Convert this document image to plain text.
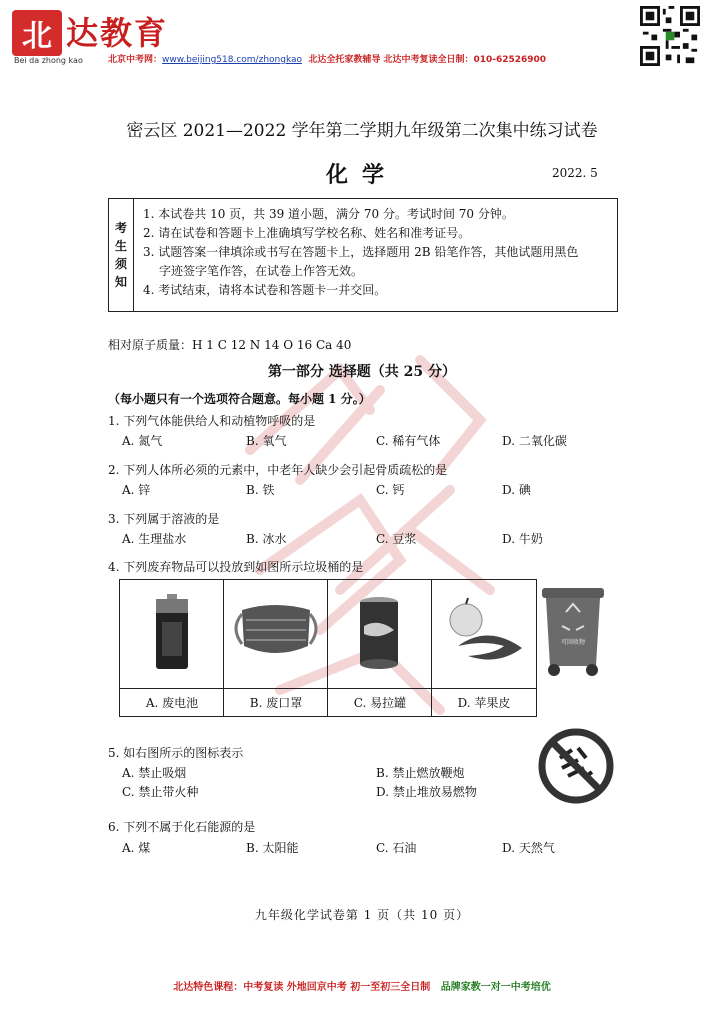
北 达教育
Bei da zhong kao	北京中考网：www.beijing518.com/zhongkao 北达全托家教辅导 北达中考复读全日制：010-62526900
密云区 2021—2022 学年第二学期九年级第二次集中练习试卷
化学	2022. 5
考
生
须
知
1. 本试卷共 10 页，共 39 道小题，满分 70 分。考试时间 70 分钟。
2. 请在试卷和答题卡上准确填写学校名称、姓名和准考证号。
3. 试题答案一律填涂或书写在答题卡上，选择题用 2B 铅笔作答，其他试题用黑色
字迹签字笔作答，在试卷上作答无效。
4. 考试结束，请将本试卷和答题卡一并交回。
相对原子质量：H 1 C 12 N 14 O 16 Ca 40
第一部分 选择题（共 25 分）
（每小题只有一个选项符合题意。每小题 1 分。）
1. 下列气体能供给人和动植物呼吸的是
A. 氮气	B. 氧气	C. 稀有气体	D. 二氧化碳
2. 下列人体所必须的元素中，中老年人缺少会引起骨质疏松的是
A. 锌	B. 铁	C. 钙	D. 碘
3. 下列属于溶液的是
A. 生理盐水	B. 冰水	C. 豆浆	D. 牛奶
4. 下列废弃物品可以投放到如图所示垃圾桶的是
A. 废电池	B. 废口罩	C. 易拉罐	D. 苹果皮
可回收物
5. 如右图所示的图标表示
A. 禁止吸烟	B. 禁止燃放鞭炮
C. 禁止带火种	D. 禁止堆放易燃物
6. 下列不属于化石能源的是
A. 煤	B. 太阳能	C. 石油	D. 天然气
九年级化学试卷第 1 页（共 10 页）
北达特色课程：中考复读 外地回京中考 初一至初三全日制 品牌家教一对一中考培优
